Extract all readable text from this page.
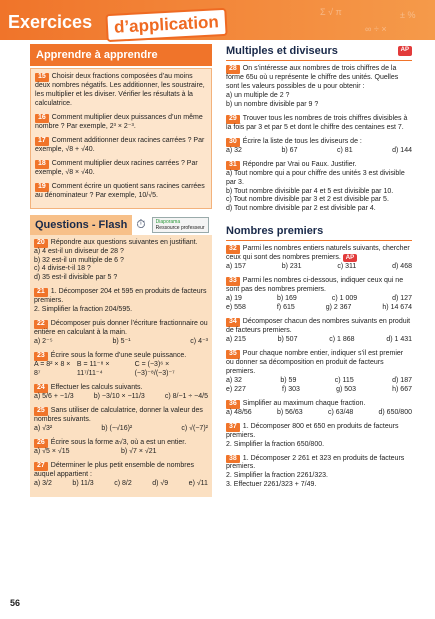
Exercices	d’application
Σ √ π
∞ ÷ ×
± %
Apprendre à apprendre
15 Choisir deux fractions composées d’au moins deux nombres négatifs. Les additionner, les soustraire, les multiplier et les diviser. Vérifier les résultats à la calculatrice.
16 Comment multiplier deux puissances d’un même nombre ? Par exemple, 2³ × 2⁻³.
17 Comment additionner deux racines carrées ? Par exemple, √8 + √40.
18 Comment multiplier deux racines carrées ? Par exemple, √8 × √40.
19 Comment écrire un quotient sans racines carrées au dénominateur ? Par exemple, 10/√5.
Questions - Flash ⏱	Diaporama
Ressource professeur
20 Répondre aux questions suivantes en justifiant.
a) 4 est-il un diviseur de 28 ?
b) 32 est-il un multiple de 6 ?
c) 4 divise-t-il 18 ?
d) 35 est-il divisible par 5 ?
21 1. Décomposer 204 et 595 en produits de facteurs premiers.
2. Simplifier la fraction 204/595.
22 Décomposer puis donner l’écriture fractionnaire ou entière en calculant à la main.
a) 2⁻⁵	b) 5⁻¹	c) 4⁻³
23 Écrire sous la forme d’une seule puissance.
A = 8² × 8 × 8⁷
B = 11⁻⁸ × 11⁷/11⁻⁴
C = (−3)⁶ × (−3)⁻⁸/(−3)⁻⁷
24 Effectuer les calculs suivants.
a) 5/6 + −1/3	b) −3/10 × −11/3	c) 8/−1 ÷ −4/5
25 Sans utiliser de calculatrice, donner la valeur des nombres suivants.
a) √3²	b) (−√16)²	c) √(−7)²
26 Écrire sous la forme a√3, où a est un entier.
a) √5 × √15	b) √7 × √21
27 Déterminer le plus petit ensemble de nombres auquel appartient :
a) 3/2	b) 11/3	c) 8/2	d) √9	e) √11
Multiples et diviseurs	AP
28 On s’intéresse aux nombres de trois chiffres de la forme 65u où u représente le chiffre des unités. Quelles sont les valeurs possibles de u pour obtenir :
a) un multiple de 2 ?
b) un nombre divisible par 9 ?
29 Trouver tous les nombres de trois chiffres divisibles à la fois par 3 et par 5 et dont le chiffre des centaines est 7.
30 Écrire la liste de tous les diviseurs de :
a) 32	b) 67	c) 81	d) 144
31 Répondre par Vrai ou Faux. Justifier.
a) Tout nombre qui a pour chiffre des unités 3 est divisible par 3.
b) Tout nombre divisible par 4 et 5 est divisible par 10.
c) Tout nombre divisible par 3 et 2 est divisible par 5.
d) Tout nombre divisible par 2 est divisible par 4.
Nombres premiers
32 Parmi les nombres entiers naturels suivants, chercher ceux qui sont des nombres premiers. AP
a) 157	b) 231	c) 311	d) 468
33 Parmi les nombres ci-dessous, indiquer ceux qui ne sont pas des nombres premiers.
a) 19	b) 169	c) 1 009	d) 127
e) 558	f) 615	g) 2 367	h) 14 674
34 Décomposer chacun des nombres suivants en produit de facteurs premiers.
a) 215	b) 507	c) 1 868	d) 1 431
35 Pour chaque nombre entier, indiquer s’il est premier ou donner sa décomposition en produit de facteurs premiers.
a) 32	b) 59	c) 115	d) 187
e) 227	f) 303	g) 503	h) 667
36 Simplifier au maximum chaque fraction.
a) 48/56	b) 56/63	c) 63/48	d) 650/800
37 1. Décomposer 800 et 650 en produits de facteurs premiers.
2. Simplifier la fraction 650/800.
38 1. Décomposer 2 261 et 323 en produits de facteurs premiers.
2. Simplifier la fraction 2261/323.
3. Effectuer 2261/323 + 7/49.
56
